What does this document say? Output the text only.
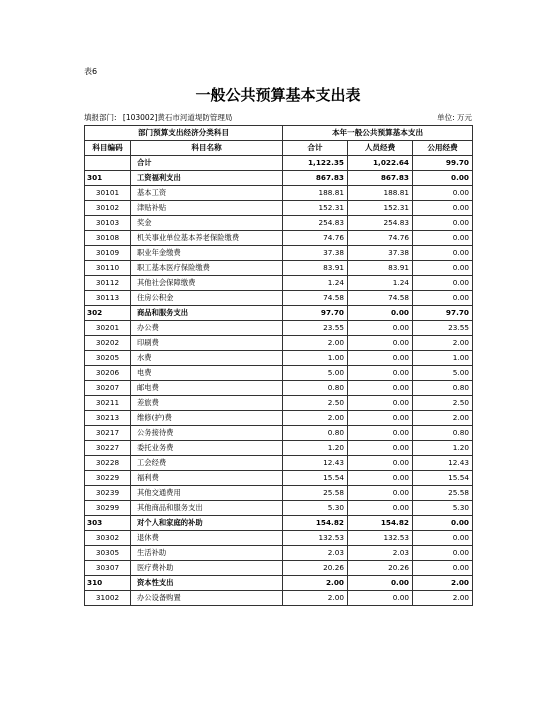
表6
一般公共预算基本支出表
填报部门: [103002]黄石市河道堤防管理局	单位: 万元
部门预算支出经济分类科目		本年一般公共预算基本支出		
科目编码	科目名称	合计	人员经费	公用经费
	合计	1,122.35	1,022.64	99.70
301	工资福利支出	867.83	867.83	0.00
30101	基本工资	188.81	188.81	0.00
30102	津贴补贴	152.31	152.31	0.00
30103	奖金	254.83	254.83	0.00
30108	机关事业单位基本养老保险缴费	74.76	74.76	0.00
30109	职业年金缴费	37.38	37.38	0.00
30110	职工基本医疗保险缴费	83.91	83.91	0.00
30112	其他社会保障缴费	1.24	1.24	0.00
30113	住房公积金	74.58	74.58	0.00
302	商品和服务支出	97.70	0.00	97.70
30201	办公费	23.55	0.00	23.55
30202	印刷费	2.00	0.00	2.00
30205	水费	1.00	0.00	1.00
30206	电费	5.00	0.00	5.00
30207	邮电费	0.80	0.00	0.80
30211	差旅费	2.50	0.00	2.50
30213	维修(护)费	2.00	0.00	2.00
30217	公务接待费	0.80	0.00	0.80
30227	委托业务费	1.20	0.00	1.20
30228	工会经费	12.43	0.00	12.43
30229	福利费	15.54	0.00	15.54
30239	其他交通费用	25.58	0.00	25.58
30299	其他商品和服务支出	5.30	0.00	5.30
303	对个人和家庭的补助	154.82	154.82	0.00
30302	退休费	132.53	132.53	0.00
30305	生活补助	2.03	2.03	0.00
30307	医疗费补助	20.26	20.26	0.00
310	资本性支出	2.00	0.00	2.00
31002	办公设备购置	2.00	0.00	2.00
